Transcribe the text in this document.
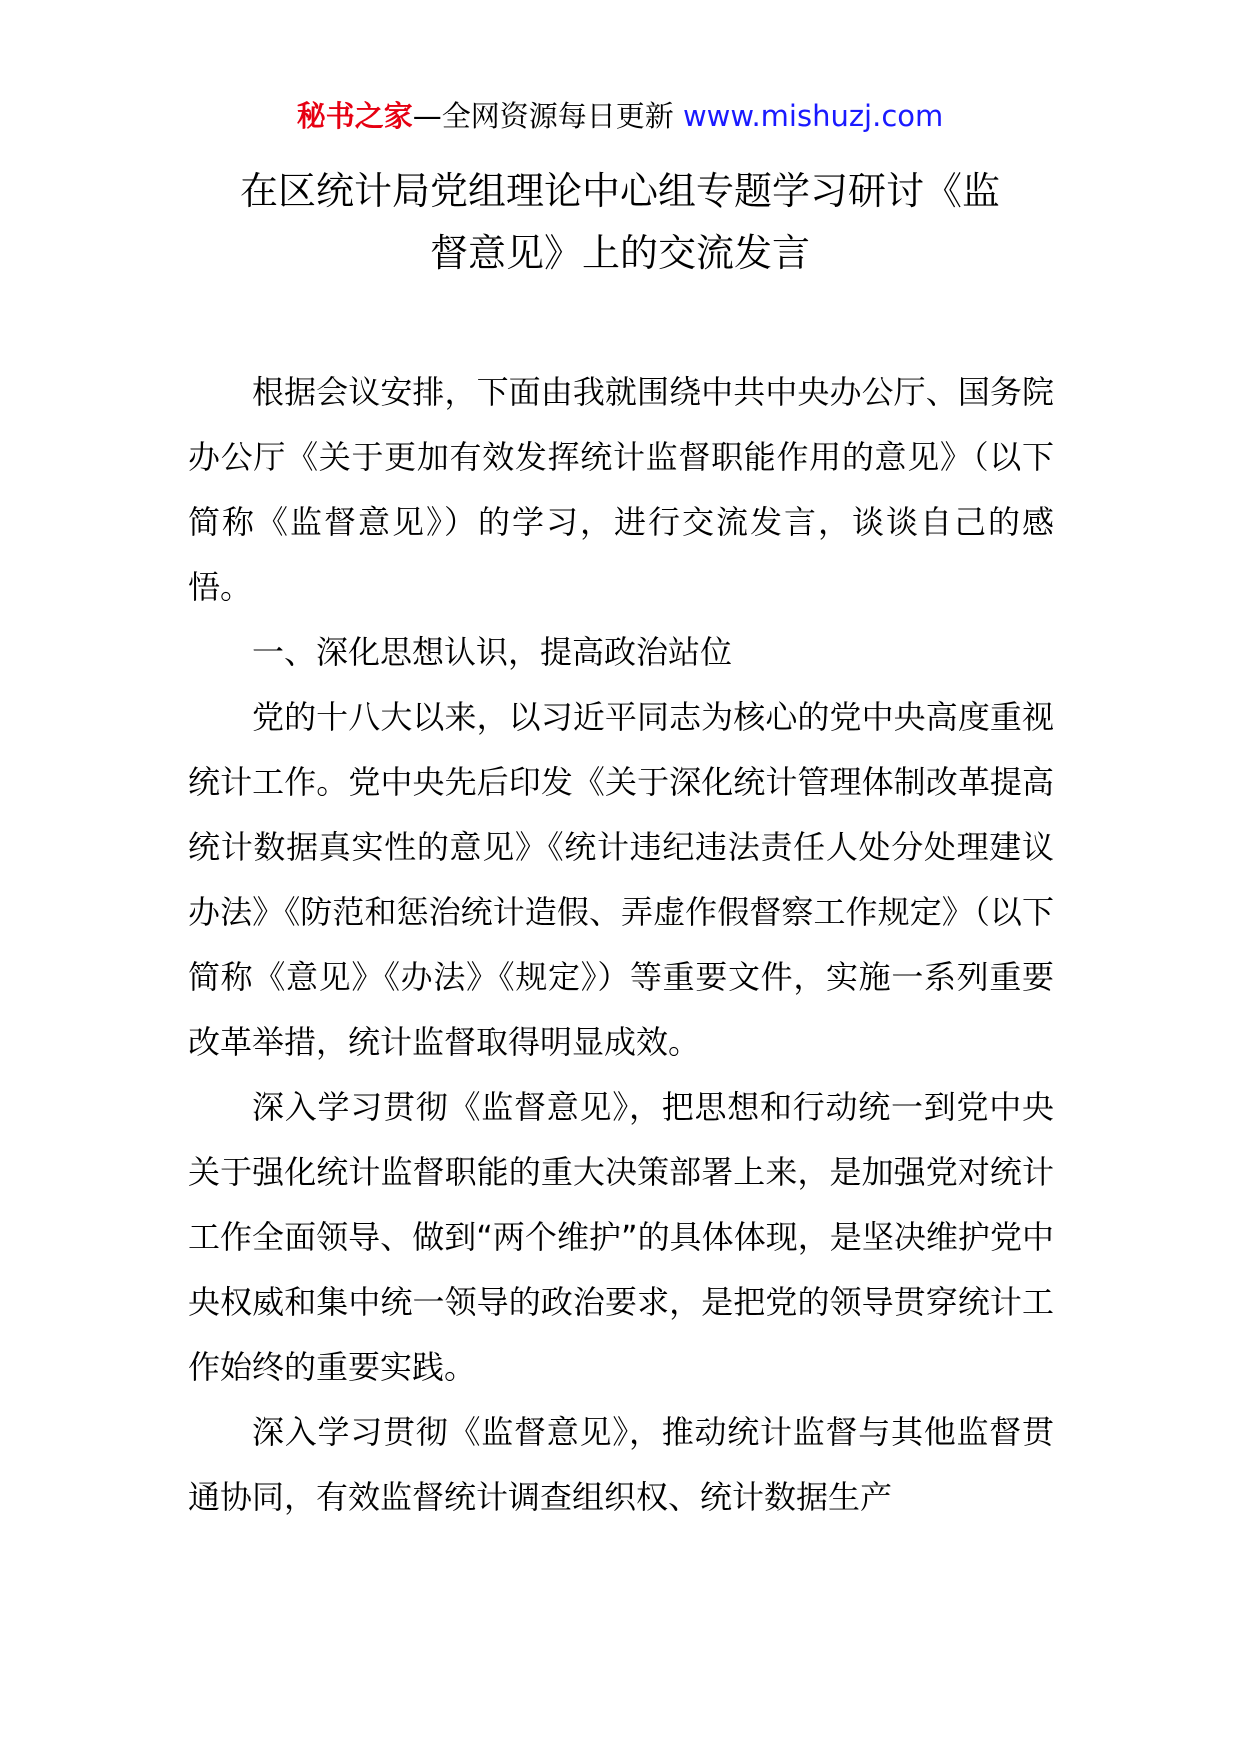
秘书之家—全网资源每日更新 www.mishuzj.com
在区统计局党组理论中心组专题学习研讨《监
督意见》上的交流发言

根据会议安排，下面由我就围绕中共中央办公厅、国务院办公厅《关于更加有效发挥统计监督职能作用的意见》（以下简称《监督意见》）的学习，进行交流发言，谈谈自己的感悟。

一、深化思想认识，提高政治站位

党的十八大以来，以习近平同志为核心的党中央高度重视统计工作。党中央先后印发《关于深化统计管理体制改革提高统计数据真实性的意见》《统计违纪违法责任人处分处理建议办法》《防范和惩治统计造假、弄虚作假督察工作规定》（以下简称《意见》《办法》《规定》）等重要文件，实施一系列重要改革举措，统计监督取得明显成效。

深入学习贯彻《监督意见》，把思想和行动统一到党中央关于强化统计监督职能的重大决策部署上来，是加强党对统计工作全面领导、做到“两个维护”的具体体现，是坚决维护党中央权威和集中统一领导的政治要求，是把党的领导贯穿统计工作始终的重要实践。

深入学习贯彻《监督意见》，推动统计监督与其他监督贯通协同，有效监督统计调查组织权、统计数据生产
